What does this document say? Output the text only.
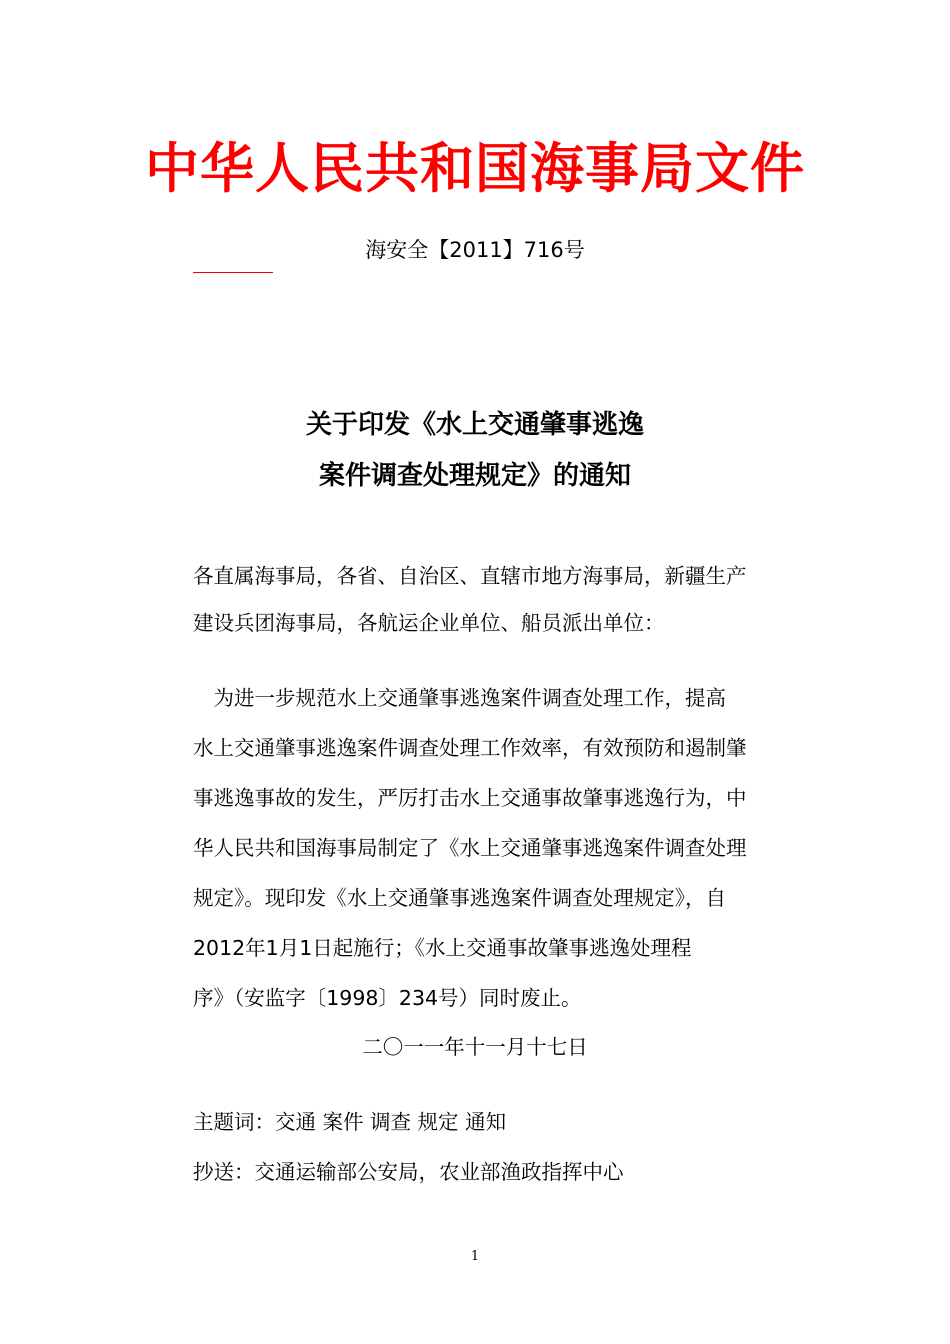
中华人民共和国海事局文件
海安全【2011】716号
关于印发《水上交通肇事逃逸
案件调查处理规定》的通知
各直属海事局，各省、自治区、直辖市地方海事局，新疆生产
建设兵团海事局，各航运企业单位、船员派出单位：
　为进一步规范水上交通肇事逃逸案件调查处理工作，提高
水上交通肇事逃逸案件调查处理工作效率，有效预防和遏制肇
事逃逸事故的发生，严厉打击水上交通事故肇事逃逸行为，中
华人民共和国海事局制定了《水上交通肇事逃逸案件调查处理
规定》。现印发《水上交通肇事逃逸案件调查处理规定》，自
2012年1月1日起施行；《水上交通事故肇事逃逸处理程
序》（安监字〔1998〕234号）同时废止。
二〇一一年十一月十七日
主题词：交通 案件 调查 规定 通知
抄送：交通运输部公安局，农业部渔政指挥中心
1
